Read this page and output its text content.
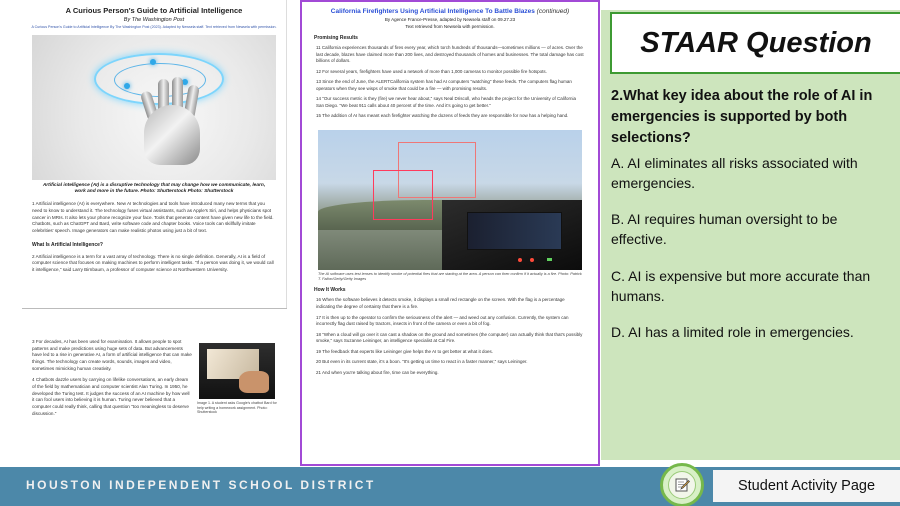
A Curious Person's Guide to Artificial Intelligence
By The Washington Post
A Curious Person's Guide to Artificial Intelligence By The Washington Post (2023). Adapted by Newsela staff. Text retrieved from Newsela with permission.
Artificial intelligence (AI) is a disruptive technology that may change how we communicate, learn, work and more in the future. Photo: Shutterstock Photo: Shutterstock
1 Artificial intelligence (AI) is everywhere. New AI technologies and tools have introduced many new terms that you need to know to understand it. The technology fuses virtual assistants, such as Apple's Siri, and helps physicians spot cancer in MRIs. It also lets your phone recognize your face. Tools that generate content have given new life to the field. Chatbots, such as ChatGPT and Bard, write software code and chapter books. Voice tools can skillfully imitate celebrities' speech. Image generators can make realistic photos using just a bit of text.
What Is Artificial Intelligence?
2 Artificial intelligence is a term for a vast array of technology. There is no single definition. Generally, AI is a field of computer science that focuses on making machines to perform intelligent tasks. "If a person was doing it, we would call it intelligence," said Larry Birnbaum, a professor of computer science at Northwestern University.
3 For decades, AI has been used for examination. It allows people to spot patterns and make predictions using huge sets of data. But advancements have led to a rise in generative AI, a form of artificial intelligence that can make things. The technology can create words, sounds, images and video, sometimes mimicking human creativity.
4 Chatbots dazzle users by carrying on lifelike conversations, an early dream of the field by mathematician and computer scientist Alan Turing. In 1950, he developed the Turing test. It judges the success of an AI machine by how well it can fool users into believing it is human. Turing never believed that a computer could really think, calling that question "too meaningless to deserve discussion."
Image 1. A student asks Google's chatbot Bard for help writing a homework assignment. Photo: Shutterstock
California Firefighters Using Artificial Intelligence To Battle Blazes (continued)
By Agence France-Presse, adapted by Newsela staff on 09.27.23
Text retrieved from Newsela with permission.
Promising Results
11 California experiences thousands of fires every year, which torch hundreds of thousands—sometimes millions — of acres. Over the last decade, blazes have claimed more than 200 lives, and destroyed thousands of homes and businesses. The total damage has cost billions of dollars.
12 For several years, firefighters have used a network of more than 1,000 cameras to monitor possible fire hotspots.
13 Since the end of June, the ALERTCalifornia system has had AI computers "watching" these feeds. The computers flag human operators when they see wisps of smoke that could be a fire — with promising results.
14 "Our success metric is they (fire) we never hear about," says Neal Driscoll, who heads the project for the University of California San Diego. "We beat 911 calls about 40 percent of the time. And it's going to get better."
15 The addition of AI has meant each firefighter watching the dozens of feeds they are responsible for now has a helping hand.
The AI software uses test lenses to identify smoke of potential fires that are starting at the area. A person can then confirm if it actually is a fire. Photo: Patrick T. Fallon/Getty/Getty Images
How It Works
16 When the software believes it detects smoke, it displays a small red rectangle on the screen. With the flag is a percentage indicating the degree of certainty that there is a fire.
17 It is then up to the operator to confirm the seriousness of the alert — and weed out any confusion. Currently, the system can incorrectly flag dust raised by tractors, insects in front of the camera or even a bit of fog.
18 "When a cloud will go over it can cast a shadow on the ground and sometimes (the computer) can actually think that that's possibly smoke," says Suzanne Leininger, an intelligence specialist at Cal Fire.
19 The feedback that experts like Leininger give helps the AI to get better at what it does.
20 But even in its current state, it's a boon. "It's getting us time to react in a faster manner," says Leininger.
21 And when you're talking about fire, time can be everything.
STAAR Question
2.What key idea about the role of AI in emergencies is supported by both selections?
A. AI eliminates all risks associated with emergencies.
B. AI requires human oversight to be effective.
C. AI is expensive but more accurate than humans.
D. AI has a limited role in emergencies.
HOUSTON INDEPENDENT SCHOOL DISTRICT	Student Activity Page
